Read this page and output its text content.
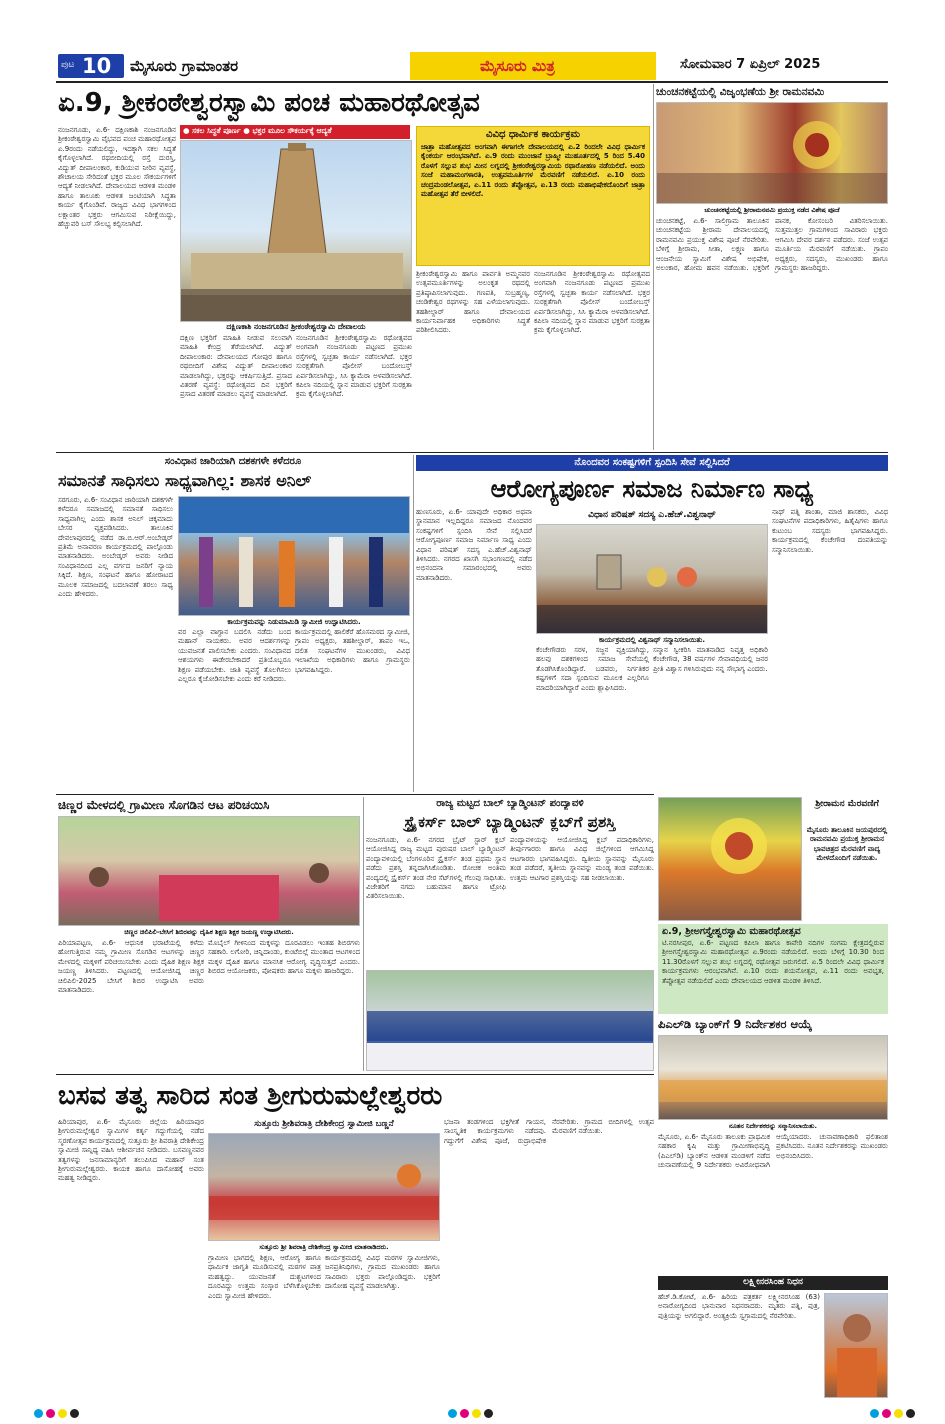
ಪುಟ 10 ಮೈಸೂರು ಗ್ರಾಮಾಂತರ	ಮೈಸೂರು ಮಿತ್ರ	ಸೋಮವಾರ 7 ಏಪ್ರಿಲ್ 2025
ಏ.9, ಶ್ರೀಕಂಠೇಶ್ವರಸ್ವಾಮಿ ಪಂಚ ಮಹಾರಥೋತ್ಸವ
● ಸಕಲ ಸಿದ್ಧತೆ ಪೂರ್ಣ ● ಭಕ್ತರ ಮೂಲ ಸೌಕರ್ಯಕ್ಕೆ ಆದ್ಯತೆ
ನಂಜನಗೂಡು, ಏ.6- ದಕ್ಷಿಣಕಾಶಿ ನಂಜನಗೂಡಿನ ಶ್ರೀಕಂಠೇಶ್ವರಸ್ವಾಮಿ ವೈಭವದ ಪಂಚ ಮಹಾರಥೋತ್ಸವ ಏ.9ರಂದು ನಡೆಯಲಿದ್ದು, ಇದಕ್ಕಾಗಿ ಸಕಲ ಸಿದ್ಧತೆ ಕೈಗೊಳ್ಳಲಾಗಿದೆ. ರಥಬೀದಿಯಲ್ಲಿ ರಸ್ತೆ ದುರಸ್ತಿ, ವಿದ್ಯುತ್ ದೀಪಾಲಂಕಾರ, ಕುಡಿಯುವ ನೀರಿನ ವ್ಯವಸ್ಥೆ, ಶೌಚಾಲಯ ಸೇರಿದಂತೆ ಭಕ್ತರ ಮೂಲ ಸೌಕರ್ಯಗಳಿಗೆ ಆದ್ಯತೆ ನೀಡಲಾಗಿದೆ. ದೇವಾಲಯದ ಆಡಳಿತ ಮಂಡಳಿ ಹಾಗೂ ತಾಲೂಕು ಆಡಳಿತ ಜಂಟಿಯಾಗಿ ಸಿದ್ಧತಾ ಕಾರ್ಯ ಕೈಗೊಂಡಿವೆ. ರಾಜ್ಯದ ವಿವಿಧ ಭಾಗಗಳಿಂದ ಲಕ್ಷಾಂತರ ಭಕ್ತರು ಆಗಮಿಸುವ ನಿರೀಕ್ಷೆಯಿದ್ದು, ಹೆಚ್ಚುವರಿ ಬಸ್ ಸೌಲಭ್ಯ ಕಲ್ಪಿಸಲಾಗಿದೆ.
ದಕ್ಷಿಣಕಾಶಿ ನಂಜನಗೂಡಿನ ಶ್ರೀಕಂಠೇಶ್ವರಸ್ವಾಮಿ ದೇವಾಲಯ
ದಕ್ಷಿಣ ಭಕ್ತರಿಗೆ ಮಾಹಿತಿ ನೀಡುವ ಸಲುವಾಗಿ ಮಾಹಿತಿ ಕೇಂದ್ರ ತೆರೆಯಲಾಗಿದೆ. ವಿದ್ಯುತ್ ದೀಪಾಲಂಕಾರ: ದೇವಾಲಯದ ಗೋಪುರ ಹಾಗೂ ರಥಬೀದಿಗೆ ವಿಶೇಷ ವಿದ್ಯುತ್ ದೀಪಾಲಂಕಾರ ಮಾಡಲಾಗಿದ್ದು, ಭಕ್ತರನ್ನು ಆಕರ್ಷಿಸುತ್ತಿದೆ. ಪ್ರಸಾದ ವಿತರಣೆ ವ್ಯವಸ್ಥೆ: ರಥೋತ್ಸವದ ದಿನ ಭಕ್ತರಿಗೆ ಪ್ರಸಾದ ವಿತರಣೆ ಮಾಡಲು ವ್ಯವಸ್ಥೆ ಮಾಡಲಾಗಿದೆ.
ನಂಜನಗೂಡಿನ ಶ್ರೀಕಂಠೇಶ್ವರಸ್ವಾಮಿ ರಥೋತ್ಸವದ ಅಂಗವಾಗಿ ನಂಜನಗೂಡು ಪಟ್ಟಣದ ಪ್ರಮುಖ ರಸ್ತೆಗಳಲ್ಲಿ ಸ್ವಚ್ಛತಾ ಕಾರ್ಯ ನಡೆಸಲಾಗಿದೆ. ಭಕ್ತರ ಸುರಕ್ಷತೆಗಾಗಿ ಪೊಲೀಸ್ ಬಂದೋಬಸ್ತ್ ಏರ್ಪಡಿಸಲಾಗಿದ್ದು, ಸಿಸಿ ಕ್ಯಾಮೆರಾ ಅಳವಡಿಸಲಾಗಿದೆ. ಕಪಿಲಾ ನದಿಯಲ್ಲಿ ಸ್ನಾನ ಮಾಡುವ ಭಕ್ತರಿಗೆ ಸುರಕ್ಷತಾ ಕ್ರಮ ಕೈಗೊಳ್ಳಲಾಗಿದೆ.
ವಿವಿಧ ಧಾರ್ಮಿಕ ಕಾರ್ಯಕ್ರಮ
ಜಾತ್ರಾ ಮಹೋತ್ಸವದ ಅಂಗವಾಗಿ ಈಗಾಗಲೇ ದೇವಾಲಯದಲ್ಲಿ ಏ.2 ರಿಂದಲೇ ವಿವಿಧ ಧಾರ್ಮಿಕ ಕೈಂಕರ್ಯ ಆರಂಭವಾಗಿದೆ. ಏ.9 ರಂದು ಮುಂಜಾನೆ ಬ್ರಾಹ್ಮೀ ಮುಹೂರ್ತದಲ್ಲಿ 5 ರಿಂದ 5.40 ರೊಳಗೆ ಸಲ್ಲುವ ಶುಭ ಮೀನ ಲಗ್ನದಲ್ಲಿ ಶ್ರೀಕಂಠೇಶ್ವರಸ್ವಾಮಿಯ ರಥಾರೋಹಣ ನಡೆಯಲಿದೆ. ಅಂದು ಸಂಜೆ ಮಹಾಮಂಗಳಾರತಿ, ಉತ್ಸವಮೂರ್ತಿಗಳ ಮೆರವಣಿಗೆ ನಡೆಯಲಿದೆ. ಏ.10 ರಂದು ಚಂದ್ರಮಂಡಲೋತ್ಸವ, ಏ.11 ರಂದು ತೆಪ್ಪೋತ್ಸವ, ಏ.13 ರಂದು ಮಹಾಭಿಷೇಕದೊಂದಿಗೆ ಜಾತ್ರಾ ಮಹೋತ್ಸವ ತೆರೆ ಬೀಳಲಿದೆ.
ಶ್ರೀಕಂಠೇಶ್ವರಸ್ವಾಮಿ ಹಾಗೂ ಪಾರ್ವತಿ ಅಮ್ಮನವರ ಉತ್ಸವಮೂರ್ತಿಗಳನ್ನು ಅಲಂಕೃತ ರಥದಲ್ಲಿ ಪ್ರತಿಷ್ಠಾಪಿಸಲಾಗುವುದು. ಗಣಪತಿ, ಸುಬ್ರಹ್ಮಣ್ಯ, ಚಂಡಿಕೇಶ್ವರ ರಥಗಳನ್ನು ಸಹ ಎಳೆಯಲಾಗುವುದು. ತಹಶೀಲ್ದಾರ್ ಹಾಗೂ ದೇವಾಲಯದ ಕಾರ್ಯನಿರ್ವಾಹಕ ಅಧಿಕಾರಿಗಳು ಸಿದ್ಧತೆ ಪರಿಶೀಲಿಸಿದರು.
ನಂಜನಗೂಡಿನ ಶ್ರೀಕಂಠೇಶ್ವರಸ್ವಾಮಿ ರಥೋತ್ಸವದ ಅಂಗವಾಗಿ ನಂಜನಗೂಡು ಪಟ್ಟಣದ ಪ್ರಮುಖ ರಸ್ತೆಗಳಲ್ಲಿ ಸ್ವಚ್ಛತಾ ಕಾರ್ಯ ನಡೆಸಲಾಗಿದೆ. ಭಕ್ತರ ಸುರಕ್ಷತೆಗಾಗಿ ಪೊಲೀಸ್ ಬಂದೋಬಸ್ತ್ ಏರ್ಪಡಿಸಲಾಗಿದ್ದು, ಸಿಸಿ ಕ್ಯಾಮೆರಾ ಅಳವಡಿಸಲಾಗಿದೆ. ಕಪಿಲಾ ನದಿಯಲ್ಲಿ ಸ್ನಾನ ಮಾಡುವ ಭಕ್ತರಿಗೆ ಸುರಕ್ಷತಾ ಕ್ರಮ ಕೈಗೊಳ್ಳಲಾಗಿದೆ.
ಚುಂಚನಕಟ್ಟೆಯಲ್ಲಿ ವಿಜೃಂಭಣೆಯ ಶ್ರೀ ರಾಮನವಮಿ
ಚುಂಚನಕಟ್ಟೆಯಲ್ಲಿ ಶ್ರೀರಾಮನವಮಿ ಪ್ರಯುಕ್ತ ನಡೆದ ವಿಶೇಷ ಪೂಜೆ
ಚುಂಚನಕಟ್ಟೆ, ಏ.6- ಸಾಲಿಗ್ರಾಮ ತಾಲೂಕಿನ ಚುಂಚನಕಟ್ಟೆಯ ಶ್ರೀರಾಮ ದೇವಾಲಯದಲ್ಲಿ ರಾಮನವಮಿ ಪ್ರಯುಕ್ತ ವಿಶೇಷ ಪೂಜೆ ನೆರವೇರಿತು. ಬೆಳಿಗ್ಗೆ ಶ್ರೀರಾಮ, ಸೀತಾ, ಲಕ್ಷ್ಮಣ ಹಾಗೂ ಆಂಜನೇಯ ಸ್ವಾಮಿಗೆ ವಿಶೇಷ ಅಭಿಷೇಕ, ಅಲಂಕಾರ, ಹೋಮ ಹವನ ನಡೆಯಿತು. ಭಕ್ತರಿಗೆ ಪಾನಕ, ಕೋಸಂಬರಿ ವಿತರಿಸಲಾಯಿತು. ಸುತ್ತಮುತ್ತಲ ಗ್ರಾಮಗಳಿಂದ ಸಾವಿರಾರು ಭಕ್ತರು ಆಗಮಿಸಿ ದೇವರ ದರ್ಶನ ಪಡೆದರು. ಸಂಜೆ ಉತ್ಸವ ಮೂರ್ತಿಯ ಮೆರವಣಿಗೆ ನಡೆಯಿತು. ಗ್ರಾಪಂ ಅಧ್ಯಕ್ಷರು, ಸದಸ್ಯರು, ಮುಖಂಡರು ಹಾಗೂ ಗ್ರಾಮಸ್ಥರು ಹಾಜರಿದ್ದರು.
ಸಂವಿಧಾನ ಜಾರಿಯಾಗಿ ದಶಕಗಳೇ ಕಳೆದರೂ
ಸಮಾನತೆ ಸಾಧಿಸಲು ಸಾಧ್ಯವಾಗಿಲ್ಲ: ಶಾಸಕ ಅನಿಲ್
ಸರಗೂರು, ಏ.6- ಸಂವಿಧಾನ ಜಾರಿಯಾಗಿ ದಶಕಗಳೇ ಕಳೆದರೂ ಸಮಾಜದಲ್ಲಿ ಸಮಾನತೆ ಸಾಧಿಸಲು ಸಾಧ್ಯವಾಗಿಲ್ಲ ಎಂದು ಶಾಸಕ ಅನಿಲ್ ಚಿಕ್ಕಮಾದು ಬೇಸರ ವ್ಯಕ್ತಪಡಿಸಿದರು. ತಾಲೂಕಿನ ದೇವಲಾಪುರದಲ್ಲಿ ನಡೆದ ಡಾ.ಬಿ.ಆರ್.ಅಂಬೇಡ್ಕರ್ ಪ್ರತಿಮೆ ಅನಾವರಣ ಕಾರ್ಯಕ್ರಮದಲ್ಲಿ ಪಾಲ್ಗೊಂಡು ಮಾತನಾಡಿದರು. ಅಂಬೇಡ್ಕರ್ ಅವರು ನೀಡಿದ ಸಂವಿಧಾನದಿಂದ ಎಲ್ಲ ವರ್ಗದ ಜನರಿಗೆ ನ್ಯಾಯ ಸಿಕ್ಕಿದೆ. ಶಿಕ್ಷಣ, ಸಂಘಟನೆ ಹಾಗೂ ಹೋರಾಟದ ಮೂಲಕ ಸಮಾಜದಲ್ಲಿ ಬದಲಾವಣೆ ತರಲು ಸಾಧ್ಯ ಎಂದು ಹೇಳಿದರು.
ಕಾರ್ಯಕ್ರಮವನ್ನು ನಿಡುಮಾಮಿಡಿ ಸ್ವಾಮೀಜಿ ಉದ್ಘಾಟಿಸಿದರು.
ವರ ಎಲ್ಲಾ ವಾಗ್ದಾನ ಬದಲಿಸಿ ನಡೆದು ಬಂದ ಮಹಾನ್ ನಾಯಕರು. ಅವರ ಆದರ್ಶಗಳನ್ನು ಯುವಜನತೆ ಪಾಲಿಸಬೇಕು ಎಂದರು. ಸಂವಿಧಾನದ ಆಶಯಗಳು ಈಡೇರಬೇಕಾದರೆ ಪ್ರತಿಯೊಬ್ಬರೂ ಶಿಕ್ಷಣ ಪಡೆಯಬೇಕು. ಜಾತಿ ವ್ಯವಸ್ಥೆ ತೊಲಗಿಸಲು ಎಲ್ಲರೂ ಕೈಜೋಡಿಸಬೇಕು ಎಂದು ಕರೆ ನೀಡಿದರು.
ಕಾರ್ಯಕ್ರಮದಲ್ಲಿ ಹಾಲಿಕೆರೆ ಹೊಸಮಠದ ಸ್ವಾಮೀಜಿ, ಗ್ರಾಪಂ ಅಧ್ಯಕ್ಷರು, ತಹಶೀಲ್ದಾರ್, ತಾಪಂ ಇಒ, ದಲಿತ ಸಂಘಟನೆಗಳ ಮುಖಂಡರು, ವಿವಿಧ ಇಲಾಖೆಯ ಅಧಿಕಾರಿಗಳು ಹಾಗೂ ಗ್ರಾಮಸ್ಥರು ಭಾಗವಹಿಸಿದ್ದರು.
ನೊಂದವರ ಸಂಕಷ್ಟಗಳಿಗೆ ಸ್ಪಂದಿಸಿ ಸೇವೆ ಸಲ್ಲಿಸಿದರೆ
ಆರೋಗ್ಯಪೂರ್ಣ ಸಮಾಜ ನಿರ್ಮಾಣ ಸಾಧ್ಯ
ಹುಣಸೂರು, ಏ.6- ಯಾವುದೇ ಅಧಿಕಾರ ಅಥವಾ ಸ್ಥಾನಮಾನ ಇಲ್ಲದಿದ್ದರೂ ಸಮಾಜದ ನೊಂದವರ ಸಂಕಷ್ಟಗಳಿಗೆ ಸ್ಪಂದಿಸಿ ಸೇವೆ ಸಲ್ಲಿಸಿದರೆ ಆರೋಗ್ಯಪೂರ್ಣ ಸಮಾಜ ನಿರ್ಮಾಣ ಸಾಧ್ಯ ಎಂದು ವಿಧಾನ ಪರಿಷತ್ ಸದಸ್ಯ ಎ.ಹೆಚ್.ವಿಶ್ವನಾಥ್ ತಿಳಿಸಿದರು. ನಗರದ ಖಾಸಗಿ ಸಭಾಂಗಣದಲ್ಲಿ ನಡೆದ ಅಭಿನಂದನಾ ಸಮಾರಂಭದಲ್ಲಿ ಅವರು ಮಾತನಾಡಿದರು.
ವಿಧಾನ ಪರಿಷತ್ ಸದಸ್ಯ ಎ.ಹೆಚ್.ವಿಶ್ವನಾಥ್
ಕಾರ್ಯಕ್ರಮದಲ್ಲಿ ವಿಶ್ವನಾಥ್ ಸನ್ಮಾನಿಸಲಾಯಿತು.
ಕೆಂಚೇಗೌಡರು ಸರಳ, ಸಜ್ಜನ ವ್ಯಕ್ತಿಯಾಗಿದ್ದು, ಹಲವು ದಶಕಗಳಿಂದ ಸಮಾಜ ಸೇವೆಯಲ್ಲಿ ತೊಡಗಿಸಿಕೊಂಡಿದ್ದಾರೆ. ಬಡವರು, ನಿರ್ಗತಿಕರ ಕಷ್ಟಗಳಿಗೆ ಸದಾ ಸ್ಪಂದಿಸುವ ಮೂಲಕ ಎಲ್ಲರಿಗೂ ಮಾದರಿಯಾಗಿದ್ದಾರೆ ಎಂದು ಶ್ಲಾಘಿಸಿದರು.
ಸನ್ಮಾನ ಸ್ವೀಕರಿಸಿ ಮಾತನಾಡಿದ ನಿವೃತ್ತ ಅಧಿಕಾರಿ ಕೆಂಚೇಗೌಡ, 38 ವರ್ಷಗಳ ಸೇವಾವಧಿಯಲ್ಲಿ ಜನರ ಪ್ರೀತಿ ವಿಶ್ವಾಸ ಗಳಿಸಿರುವುದು ನನ್ನ ಸೌಭಾಗ್ಯ ಎಂದರು.
ನಾಥ್ ಪತ್ನಿ ಶಾಂತಾ, ಮಾಜಿ ಶಾಸಕರು, ವಿವಿಧ ಸಂಘಟನೆಗಳ ಪದಾಧಿಕಾರಿಗಳು, ಹಿತೈಷಿಗಳು ಹಾಗೂ ಕುಟುಂಬ ಸದಸ್ಯರು ಭಾಗವಹಿಸಿದ್ದರು. ಕಾರ್ಯಕ್ರಮದಲ್ಲಿ ಕೆಂಚೇಗೌಡ ದಂಪತಿಯನ್ನು ಸನ್ಮಾನಿಸಲಾಯಿತು.
ಚಿಣ್ಣರ ಮೇಳದಲ್ಲಿ ಗ್ರಾಮೀಣ ಸೊಗಡಿನ ಆಟ ಪರಿಚಯಿಸಿ
ಚಿಣ್ಣರ ಚಿಲಿಪಿಲಿ-ಬೇಸಿಗೆ ಶಿಬಿರವನ್ನು ದೈಹಿಕ ಶಿಕ್ಷಣ ಶಿಕ್ಷಕ ಜಯಣ್ಣ ಉದ್ಘಾಟಿಸಿದರು.
ಪಿರಿಯಾಪಟ್ಟಣ, ಏ.6- ಆಧುನಿಕ ಭರಾಟೆಯಲ್ಲಿ ಕಳೆದು ಹೋಗುತ್ತಿರುವ ನಮ್ಮ ಗ್ರಾಮೀಣ ಸೊಗಡಿನ ಆಟಗಳನ್ನು ಚಿಣ್ಣರ ಮೇಳದಲ್ಲಿ ಮಕ್ಕಳಿಗೆ ಪರಿಚಯಿಸಬೇಕು ಎಂದು ದೈಹಿಕ ಶಿಕ್ಷಣ ಶಿಕ್ಷಕ ಜಯಣ್ಣ ತಿಳಿಸಿದರು. ಪಟ್ಟಣದಲ್ಲಿ ಆಯೋಜಿಸಿದ್ದ ಚಿಣ್ಣರ ಚಿಲಿಪಿಲಿ-2025 ಬೇಸಿಗೆ ಶಿಬಿರ ಉದ್ಘಾಟಿಸಿ ಅವರು ಮಾತನಾಡಿದರು.
ಮೊಬೈಲ್ ಗೀಳಿನಿಂದ ಮಕ್ಕಳನ್ನು ದೂರವಿಡಲು ಇಂತಹ ಶಿಬಿರಗಳು ಸಹಕಾರಿ. ಲಗೋರಿ, ಚಿನ್ನಿದಾಂಡು, ಕುಂಟೆಬಿಲ್ಲೆ ಮುಂತಾದ ಆಟಗಳಿಂದ ಮಕ್ಕಳ ದೈಹಿಕ ಹಾಗೂ ಮಾನಸಿಕ ಆರೋಗ್ಯ ವೃದ್ಧಿಸುತ್ತದೆ ಎಂದರು. ಶಿಬಿರದ ಆಯೋಜಕರು, ಪೋಷಕರು ಹಾಗೂ ಮಕ್ಕಳು ಹಾಜರಿದ್ದರು.
ರಾಜ್ಯ ಮಟ್ಟದ ಬಾಲ್ ಬ್ಯಾಡ್ಮಿಂಟನ್ ಪಂದ್ಯಾವಳಿ
ಸ್ಟ್ರೈಕರ್ಸ್ ಬಾಲ್ ಬ್ಯಾಡ್ಮಿಂಟನ್ ಕ್ಲಬ್‌ಗೆ ಪ್ರಶಸ್ತಿ
ನಂಜನಗೂಡು, ಏ.6- ನಗರದ ಬ್ರೈಟ್ ಸ್ಟಾರ್ ಕ್ಲಬ್ ಆಯೋಜಿಸಿದ್ದ ರಾಜ್ಯ ಮಟ್ಟದ ಪುರುಷರ ಬಾಲ್ ಬ್ಯಾಡ್ಮಿಂಟನ್ ಪಂದ್ಯಾವಳಿಯಲ್ಲಿ ಬೆಂಗಳೂರಿನ ಸ್ಟ್ರೈಕರ್ಸ್ ತಂಡ ಪ್ರಥಮ ಸ್ಥಾನ ಪಡೆದು ಪ್ರಶಸ್ತಿ ತನ್ನದಾಗಿಸಿಕೊಂಡಿತು. ರೋಚಕ ಅಂತಿಮ ಪಂದ್ಯದಲ್ಲಿ ಸ್ಟ್ರೈಕರ್ಸ್ ತಂಡ ನೇರ ಸೆಟ್‌ಗಳಲ್ಲಿ ಗೆಲುವು ಸಾಧಿಸಿತು. ವಿಜೇತರಿಗೆ ನಗದು ಬಹುಮಾನ ಹಾಗೂ ಟ್ರೋಫಿ ವಿತರಿಸಲಾಯಿತು.
ಪಂದ್ಯಾವಳಿಯನ್ನು ಆಯೋಜಿಸಿದ್ದ ಕ್ಲಬ್ ಪದಾಧಿಕಾರಿಗಳು, ತೀರ್ಪುಗಾರರು ಹಾಗೂ ವಿವಿಧ ಜಿಲ್ಲೆಗಳಿಂದ ಆಗಮಿಸಿದ್ದ ಆಟಗಾರರು ಭಾಗವಹಿಸಿದ್ದರು. ದ್ವಿತೀಯ ಸ್ಥಾನವನ್ನು ಮೈಸೂರು ತಂಡ ಪಡೆದರೆ, ತೃತೀಯ ಸ್ಥಾನವನ್ನು ಮಂಡ್ಯ ತಂಡ ಪಡೆಯಿತು. ಉತ್ತಮ ಆಟಗಾರ ಪ್ರಶಸ್ತಿಯನ್ನು ಸಹ ನೀಡಲಾಯಿತು.
ಶ್ರೀರಾಮನ ಮೆರವಣಿಗೆ
ಮೈಸೂರು ತಾಲೂಕಿನ ಜಯಪುರದಲ್ಲಿ ರಾಮನವಮಿ ಪ್ರಯುಕ್ತ ಶ್ರೀರಾಮನ ಭಾವಚಿತ್ರದ ಮೆರವಣಿಗೆ ವಾದ್ಯ ಮೇಳದೊಂದಿಗೆ ನಡೆಯಿತು.
ಏ.9, ಶ್ರೀಅಗಸ್ತ್ಯೇಶ್ವರಸ್ವಾಮಿ ಮಹಾರಥೋತ್ಸವ
ಟಿ.ನರಸೀಪುರ, ಏ.6- ಪಟ್ಟಣದ ಕಪಿಲಾ ಹಾಗೂ ಕಾವೇರಿ ನದಿಗಳ ಸಂಗಮ ಕ್ಷೇತ್ರದಲ್ಲಿರುವ ಶ್ರೀಅಗಸ್ತ್ಯೇಶ್ವರಸ್ವಾಮಿ ಮಹಾರಥೋತ್ಸವ ಏ.9ರಂದು ನಡೆಯಲಿದೆ. ಅಂದು ಬೆಳಿಗ್ಗೆ 10.30 ರಿಂದ 11.30ರೊಳಗೆ ಸಲ್ಲುವ ಶುಭ ಲಗ್ನದಲ್ಲಿ ರಥೋತ್ಸವ ಜರುಗಲಿದೆ. ಏ.5 ರಿಂದಲೇ ವಿವಿಧ ಧಾರ್ಮಿಕ ಕಾರ್ಯಕ್ರಮಗಳು ಆರಂಭವಾಗಿವೆ. ಏ.10 ರಂದು ಶಯನೋತ್ಸವ, ಏ.11 ರಂದು ಅವಭೃತ, ತೆಪ್ಪೋತ್ಸವ ನಡೆಯಲಿದೆ ಎಂದು ದೇವಾಲಯದ ಆಡಳಿತ ಮಂಡಳಿ ತಿಳಿಸಿದೆ.
ಪಿಎಲ್‌ಡಿ ಬ್ಯಾಂಕ್‌ಗೆ 9 ನಿರ್ದೇಶಕರ ಆಯ್ಕೆ
ನೂತನ ನಿರ್ದೇಶಕರನ್ನು ಸನ್ಮಾನಿಸಲಾಯಿತು.
ಮೈಸೂರು, ಏ.6- ಮೈಸೂರು ತಾಲೂಕು ಪ್ರಾಥಮಿಕ ಸಹಕಾರ ಕೃಷಿ ಮತ್ತು ಗ್ರಾಮೀಣಾಭಿವೃದ್ಧಿ (ಪಿಎಲ್‌ಡಿ) ಬ್ಯಾಂಕ್‌ನ ಆಡಳಿತ ಮಂಡಳಿಗೆ ನಡೆದ ಚುನಾವಣೆಯಲ್ಲಿ 9 ನಿರ್ದೇಶಕರು ಅವಿರೋಧವಾಗಿ ಆಯ್ಕೆಯಾದರು. ಚುನಾವಣಾಧಿಕಾರಿ ಫಲಿತಾಂಶ ಪ್ರಕಟಿಸಿದರು. ನೂತನ ನಿರ್ದೇಶಕರನ್ನು ಮುಖಂಡರು ಅಭಿನಂದಿಸಿದರು.
ಬಸವ ತತ್ವ ಸಾರಿದ ಸಂತ ಶ್ರೀಗುರುಮಲ್ಲೇಶ್ವರರು
ಹಿರಿಯಾಪುರ, ಏ.6- ಮೈಸೂರು ಜಿಲ್ಲೆಯ ಹಿರಿಯಾಪುರ ಶ್ರೀಗುರುಮಲ್ಲೇಶ್ವರ ಸ್ವಾಮಿಗಳ ಕರ್ತೃ ಗದ್ದುಗೆಯಲ್ಲಿ ನಡೆದ ಸ್ಮರಣೋತ್ಸವ ಕಾರ್ಯಕ್ರಮದಲ್ಲಿ ಸುತ್ತೂರು ಶ್ರೀ ಶಿವರಾತ್ರಿ ದೇಶಿಕೇಂದ್ರ ಸ್ವಾಮೀಜಿ ಸಾನ್ನಿಧ್ಯ ವಹಿಸಿ ಆಶೀರ್ವಚನ ನೀಡಿದರು. ಬಸವಣ್ಣನವರ ತತ್ವಗಳನ್ನು ಜನಸಾಮಾನ್ಯರಿಗೆ ತಲುಪಿಸಿದ ಮಹಾನ್ ಸಂತ ಶ್ರೀಗುರುಮಲ್ಲೇಶ್ವರರು. ಕಾಯಕ ಹಾಗೂ ದಾಸೋಹಕ್ಕೆ ಅವರು ಮಹತ್ವ ನೀಡಿದ್ದರು.
ಸುತ್ತೂರು ಶ್ರೀಶಿವರಾತ್ರಿ ದೇಶಿಕೇಂದ್ರ ಸ್ವಾಮೀಜಿ ಬಣ್ಣನೆ
ಸುತ್ತೂರು ಶ್ರೀ ಶಿವರಾತ್ರಿ ದೇಶಿಕೇಂದ್ರ ಸ್ವಾಮೀಜಿ ಮಾತನಾಡಿದರು.
ಗ್ರಾಮೀಣ ಭಾಗದಲ್ಲಿ ಶಿಕ್ಷಣ, ಆರೋಗ್ಯ ಹಾಗೂ ಧಾರ್ಮಿಕ ಜಾಗೃತಿ ಮೂಡಿಸುವಲ್ಲಿ ಮಠಗಳ ಪಾತ್ರ ಮಹತ್ವದ್ದು. ಯುವಜನತೆ ದುಶ್ಚಟಗಳಿಂದ ದೂರವಿದ್ದು ಉತ್ತಮ ಸಂಸ್ಕಾರ ಬೆಳೆಸಿಕೊಳ್ಳಬೇಕು ಎಂದು ಸ್ವಾಮೀಜಿ ಹೇಳಿದರು.
ಕಾರ್ಯಕ್ರಮದಲ್ಲಿ ವಿವಿಧ ಮಠಗಳ ಸ್ವಾಮೀಜಿಗಳು, ಜನಪ್ರತಿನಿಧಿಗಳು, ಗ್ರಾಮದ ಮುಖಂಡರು ಹಾಗೂ ಸಾವಿರಾರು ಭಕ್ತರು ಪಾಲ್ಗೊಂಡಿದ್ದರು. ಭಕ್ತರಿಗೆ ದಾಸೋಹ ವ್ಯವಸ್ಥೆ ಮಾಡಲಾಗಿತ್ತು.
ಭಜನಾ ತಂಡಗಳಿಂದ ಭಕ್ತಿಗೀತೆ ಗಾಯನ, ಸಾಂಸ್ಕೃತಿಕ ಕಾರ್ಯಕ್ರಮಗಳು ನಡೆದವು. ಗದ್ದುಗೆಗೆ ವಿಶೇಷ ಪೂಜೆ, ರುದ್ರಾಭಿಷೇಕ ನೆರವೇರಿತು. ಗ್ರಾಮದ ಬೀದಿಗಳಲ್ಲಿ ಉತ್ಸವ ಮೆರವಣಿಗೆ ನಡೆಯಿತು.
ಲಕ್ಷ್ಮೀನರಸಿಂಹ ನಿಧನ
ಹೆಚ್.ಡಿ.ಕೋಟೆ, ಏ.6- ಹಿರಿಯ ಪತ್ರಕರ್ತ ಲಕ್ಷ್ಮೀನರಸಿಂಹ (63) ಅನಾರೋಗ್ಯದಿಂದ ಭಾನುವಾರ ನಿಧನರಾದರು. ಮೃತರು ಪತ್ನಿ, ಪುತ್ರ, ಪುತ್ರಿಯನ್ನು ಅಗಲಿದ್ದಾರೆ. ಅಂತ್ಯಕ್ರಿಯೆ ಸ್ವಗ್ರಾಮದಲ್ಲಿ ನೆರವೇರಿತು.
